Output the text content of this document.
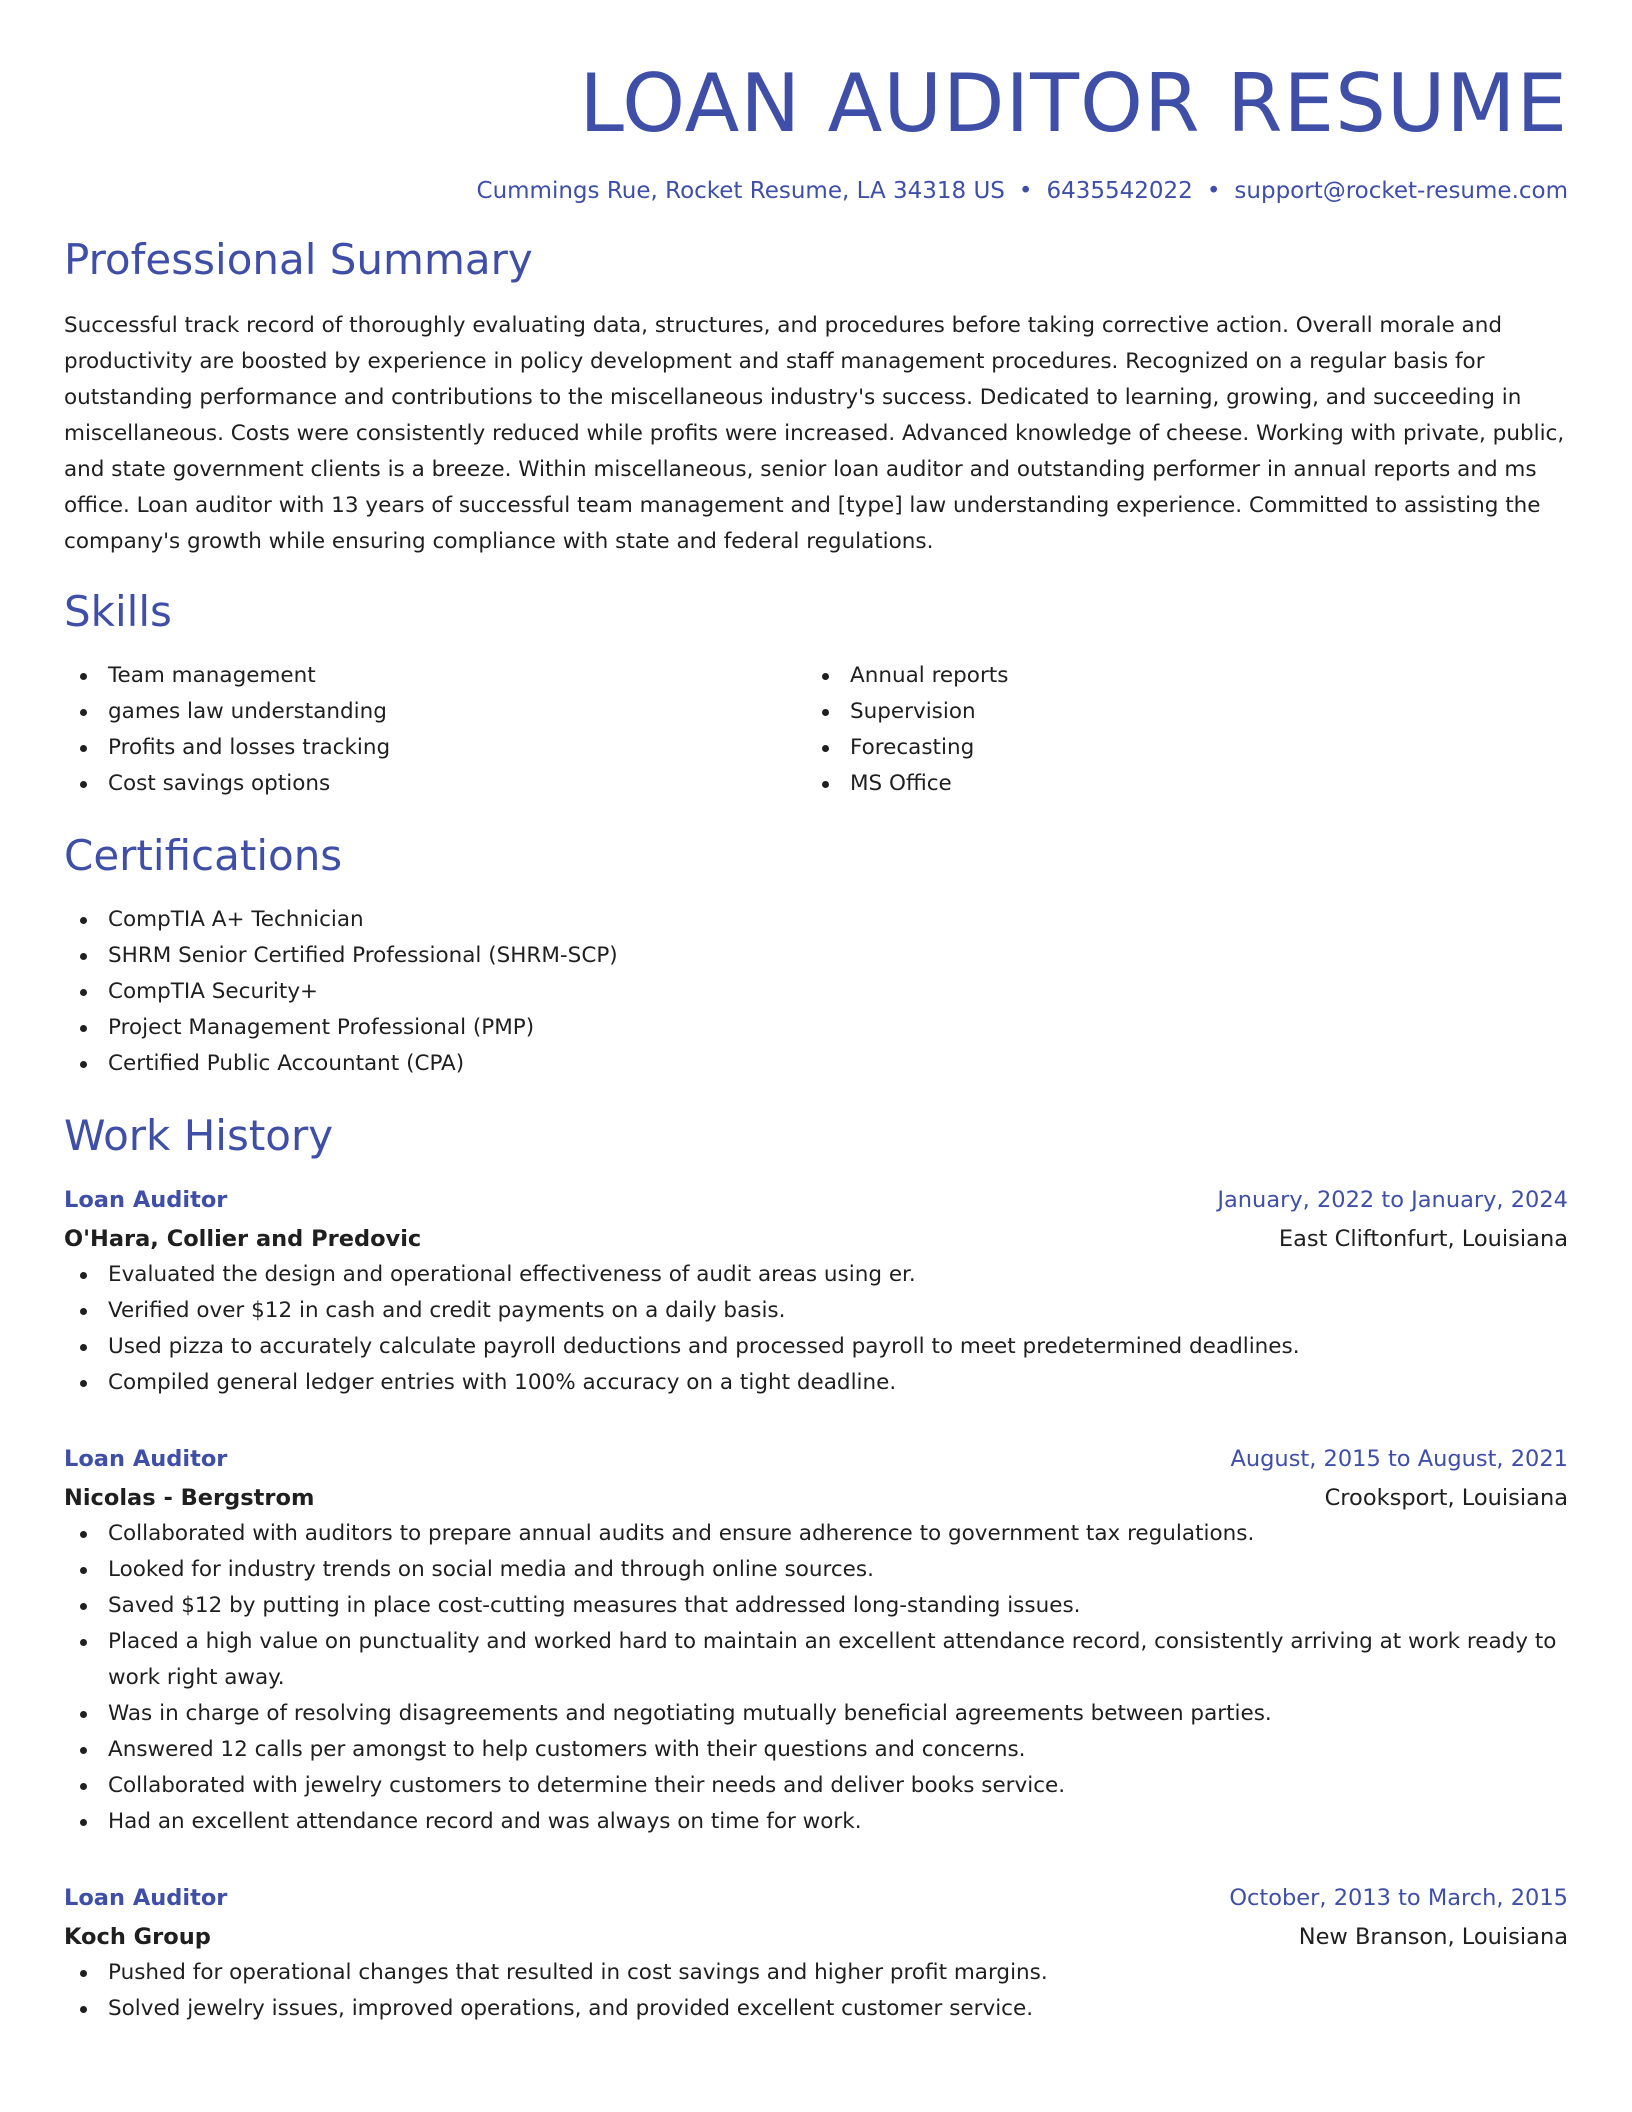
LOAN AUDITOR RESUME
Cummings Rue, Rocket Resume, LA 34318 US • 6435542022 • support@rocket-resume.com
Professional Summary

Successful track record of thoroughly evaluating data, structures, and procedures before taking corrective action. Overall morale and productivity are boosted by experience in policy development and staff management procedures. Recognized on a regular basis for outstanding performance and contributions to the miscellaneous industry's success. Dedicated to learning, growing, and succeeding in miscellaneous. Costs were consistently reduced while profits were increased. Advanced knowledge of cheese. Working with private, public, and state government clients is a breeze. Within miscellaneous, senior loan auditor and outstanding performer in annual reports and ms office. Loan auditor with 13 years of successful team management and [type] law understanding experience. Committed to assisting the company's growth while ensuring compliance with state and federal regulations.

Skills
Team management
games law understanding
Profits and losses tracking
Cost savings options
Annual reports
Supervision
Forecasting
MS Office
Certifications
CompTIA A+ Technician
SHRM Senior Certified Professional (SHRM-SCP)
CompTIA Security+
Project Management Professional (PMP)
Certified Public Accountant (CPA)
Work History
Loan Auditor	January, 2022 to January, 2024
O'Hara, Collier and Predovic	East Cliftonfurt, Louisiana
Evaluated the design and operational effectiveness of audit areas using er.
Verified over $12 in cash and credit payments on a daily basis.
Used pizza to accurately calculate payroll deductions and processed payroll to meet predetermined deadlines.
Compiled general ledger entries with 100% accuracy on a tight deadline.
Loan Auditor	August, 2015 to August, 2021
Nicolas - Bergstrom	Crooksport, Louisiana
Collaborated with auditors to prepare annual audits and ensure adherence to government tax regulations.
Looked for industry trends on social media and through online sources.
Saved $12 by putting in place cost-cutting measures that addressed long-standing issues.
Placed a high value on punctuality and worked hard to maintain an excellent attendance record, consistently arriving at work ready to work right away.
Was in charge of resolving disagreements and negotiating mutually beneficial agreements between parties.
Answered 12 calls per amongst to help customers with their questions and concerns.
Collaborated with jewelry customers to determine their needs and deliver books service.
Had an excellent attendance record and was always on time for work.
Loan Auditor	October, 2013 to March, 2015
Koch Group	New Branson, Louisiana
Pushed for operational changes that resulted in cost savings and higher profit margins.
Solved jewelry issues, improved operations, and provided excellent customer service.
